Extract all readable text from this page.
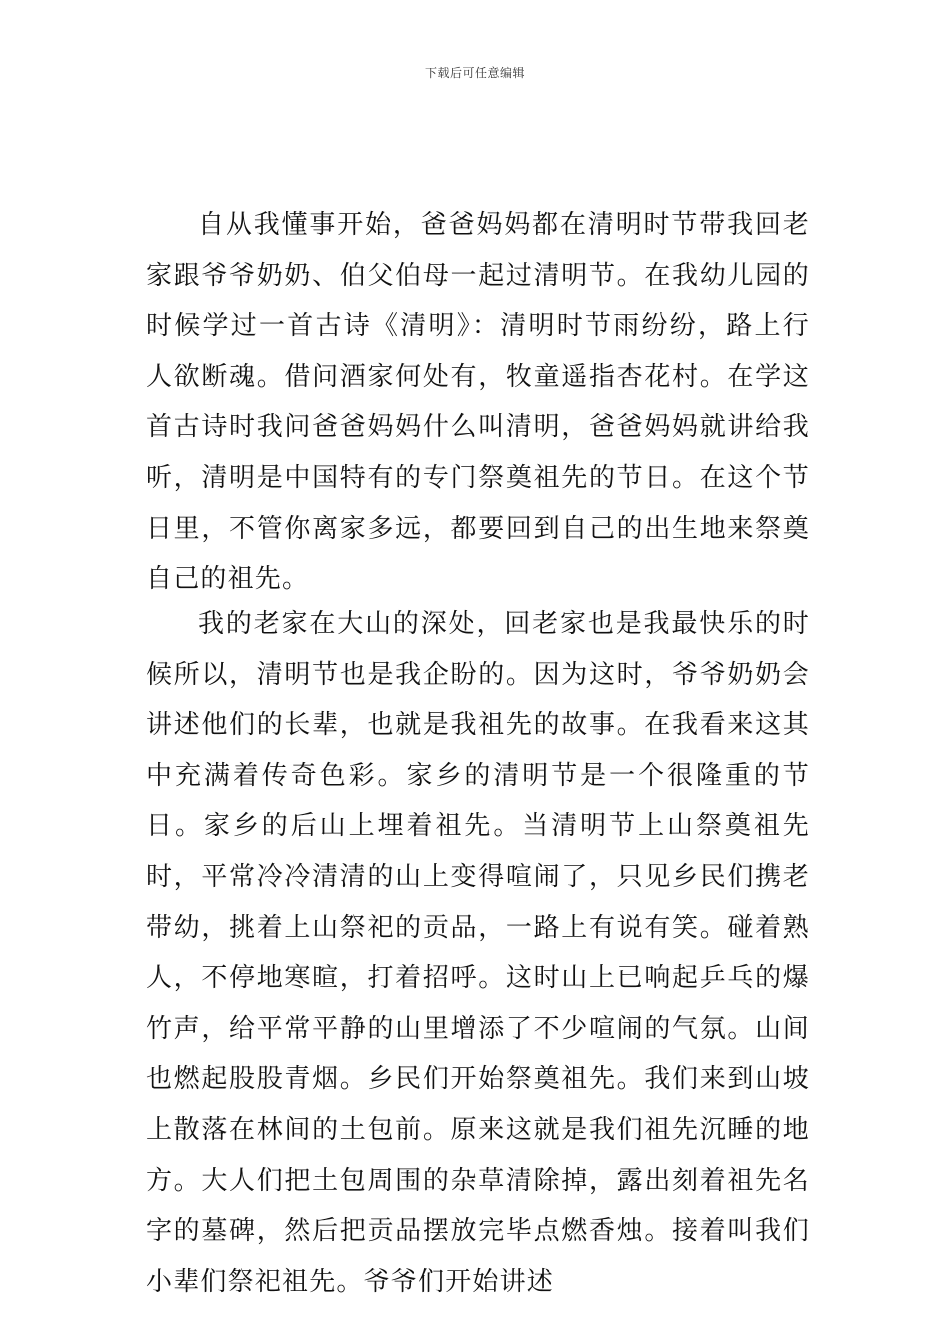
下载后可任意编辑

自从我懂事开始，爸爸妈妈都在清明时节带我回老家跟爷爷奶奶、伯父伯母一起过清明节。在我幼儿园的时候学过一首古诗《清明》：清明时节雨纷纷，路上行人欲断魂。借问酒家何处有，牧童遥指杏花村。在学这首古诗时我问爸爸妈妈什么叫清明，爸爸妈妈就讲给我听，清明是中国特有的专门祭奠祖先的节日。在这个节日里，不管你离家多远，都要回到自己的出生地来祭奠自己的祖先。

我的老家在大山的深处，回老家也是我最快乐的时候所以，清明节也是我企盼的。因为这时，爷爷奶奶会讲述他们的长辈，也就是我祖先的故事。在我看来这其中充满着传奇色彩。家乡的清明节是一个很隆重的节日。家乡的后山上埋着祖先。当清明节上山祭奠祖先时，平常冷冷清清的山上变得喧闹了，只见乡民们携老带幼，挑着上山祭祀的贡品，一路上有说有笑。碰着熟人，不停地寒暄，打着招呼。这时山上已响起乒乓的爆竹声，给平常平静的山里增添了不少喧闹的气氛。山间也燃起股股青烟。乡民们开始祭奠祖先。我们来到山坡上散落在林间的土包前。原来这就是我们祖先沉睡的地方。大人们把土包周围的杂草清除掉，露出刻着祖先名字的墓碑，然后把贡品摆放完毕点燃香烛。接着叫我们小辈们祭祀祖先。爷爷们开始讲述
